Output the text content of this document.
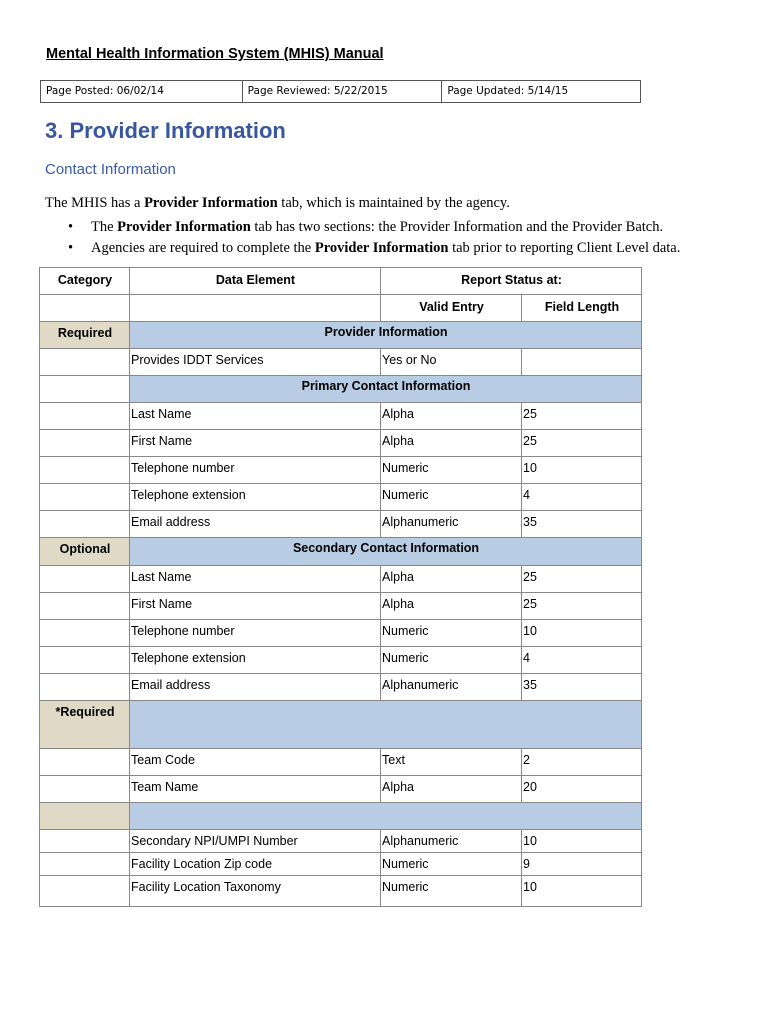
Mental Health Information System (MHIS) Manual
Page Posted: 06/02/14	Page Reviewed: 5/22/2015	Page Updated: 5/14/15
3. Provider Information
Contact Information
The MHIS has a Provider Information tab, which is maintained by the agency.
• The Provider Information tab has two sections: the Provider Information and the Provider Batch.
• Agencies are required to complete the Provider Information tab prior to reporting Client Level data.
Category	Data Element	Report Status at:	
		Valid Entry	Field Length
Required	Provider Information		
	Provides IDDT Services	Yes or No	
	Primary Contact Information		
	Last Name	Alpha	25
	First Name	Alpha	25
	Telephone number	Numeric	10
	Telephone extension	Numeric	4
	Email address	Alphanumeric	35
Optional	Secondary Contact Information		
	Last Name	Alpha	25
	First Name	Alpha	25
	Telephone number	Numeric	10
	Telephone extension	Numeric	4
	Email address	Alphanumeric	35
*Required			
	Team Code	Text	2
	Team Name	Alpha	20

	Secondary NPI/UMPI Number	Alphanumeric	10
	Facility Location Zip code	Numeric	9
	Facility Location Taxonomy	Numeric	10
